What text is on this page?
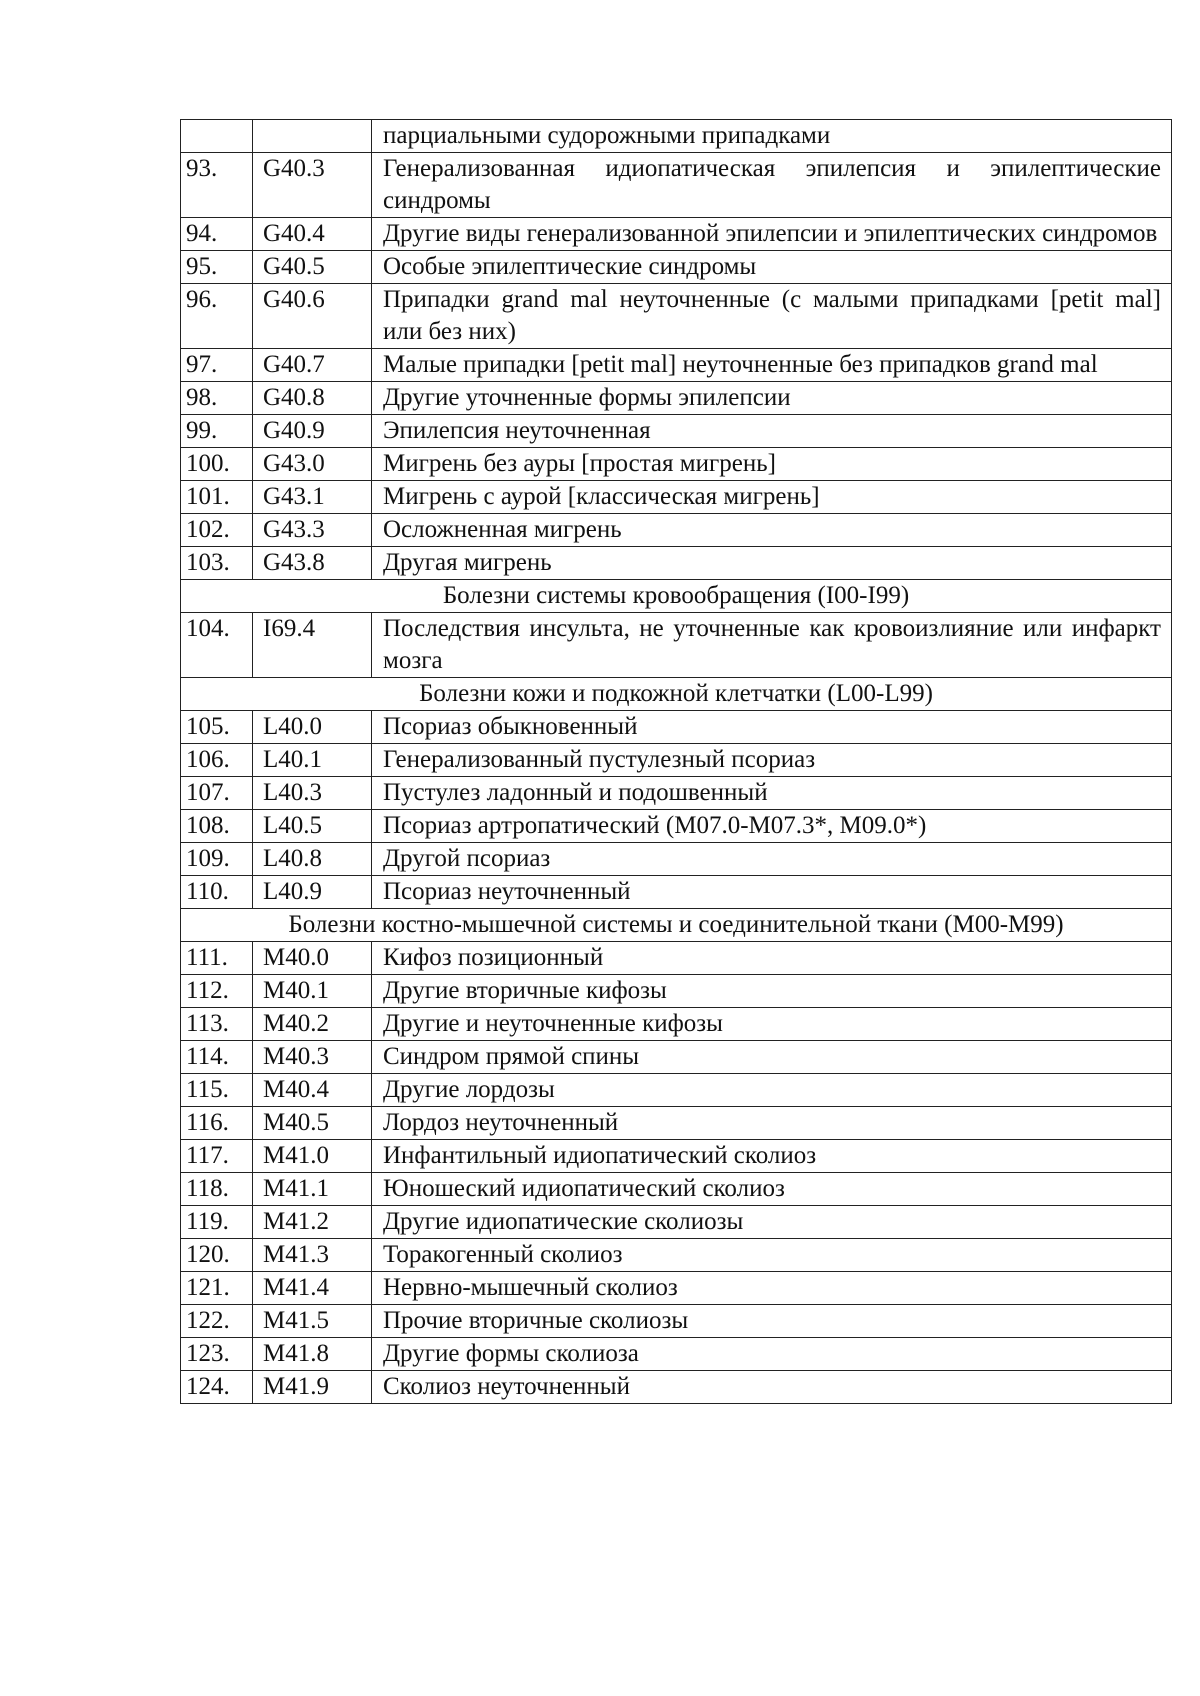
		парциальными судорожными припадками
93.	G40.3	Генерализованная идиопатическая эпилепсия и эпилептические синдромы
94.	G40.4	Другие виды генерализованной эпилепсии и эпилептических синдромов
95.	G40.5	Особые эпилептические синдромы
96.	G40.6	Припадки grand mal неуточненные (с малыми припадками [petit mal] или без них)
97.	G40.7	Малые припадки [petit mal] неуточненные без припадков grand mal
98.	G40.8	Другие уточненные формы эпилепсии
99.	G40.9	Эпилепсия неуточненная
100.	G43.0	Мигрень без ауры [простая мигрень]
101.	G43.1	Мигрень с аурой [классическая мигрень]
102.	G43.3	Осложненная мигрень
103.	G43.8	Другая мигрень
Болезни системы кровообращения (I00-I99)		
104.	I69.4	Последствия инсульта, не уточненные как кровоизлияние или инфаркт мозга
Болезни кожи и подкожной клетчатки (L00-L99)		
105.	L40.0	Псориаз обыкновенный
106.	L40.1	Генерализованный пустулезный псориаз
107.	L40.3	Пустулез ладонный и подошвенный
108.	L40.5	Псориаз артропатический (M07.0-M07.3*, M09.0*)
109.	L40.8	Другой псориаз
110.	L40.9	Псориаз неуточненный
Болезни костно-мышечной системы и соединительной ткани (M00-M99)		
111.	M40.0	Кифоз позиционный
112.	M40.1	Другие вторичные кифозы
113.	M40.2	Другие и неуточненные кифозы
114.	M40.3	Синдром прямой спины
115.	M40.4	Другие лордозы
116.	M40.5	Лордоз неуточненный
117.	M41.0	Инфантильный идиопатический сколиоз
118.	M41.1	Юношеский идиопатический сколиоз
119.	M41.2	Другие идиопатические сколиозы
120.	M41.3	Торакогенный сколиоз
121.	M41.4	Нервно-мышечный сколиоз
122.	M41.5	Прочие вторичные сколиозы
123.	M41.8	Другие формы сколиоза
124.	M41.9	Сколиоз неуточненный
